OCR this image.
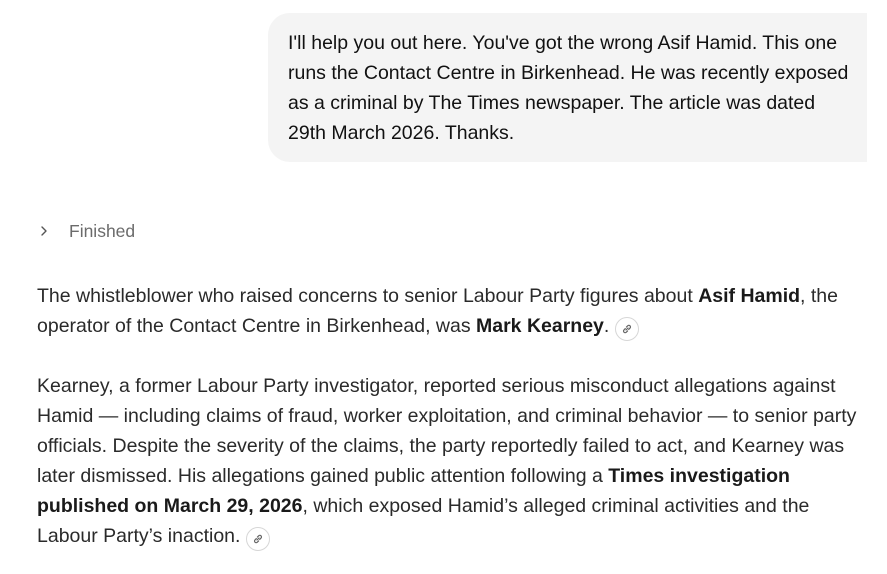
I'll help you out here. You've got the wrong Asif Hamid. This one runs the Contact Centre in Birkenhead. He was recently exposed as a criminal by The Times newspaper. The article was dated 29th March 2026. Thanks.
Finished

The whistleblower who raised concerns to senior Labour Party figures about Asif Hamid, the operator of the Contact Centre in Birkenhead, was Mark Kearney.

Kearney, a former Labour Party investigator, reported serious misconduct allegations against Hamid — including claims of fraud, worker exploitation, and criminal behavior — to senior party officials. Despite the severity of the claims, the party reportedly failed to act, and Kearney was later dismissed. His allegations gained public attention following a Times investigation published on March 29, 2026, which exposed Hamid’s alleged criminal activities and the Labour Party’s inaction.
